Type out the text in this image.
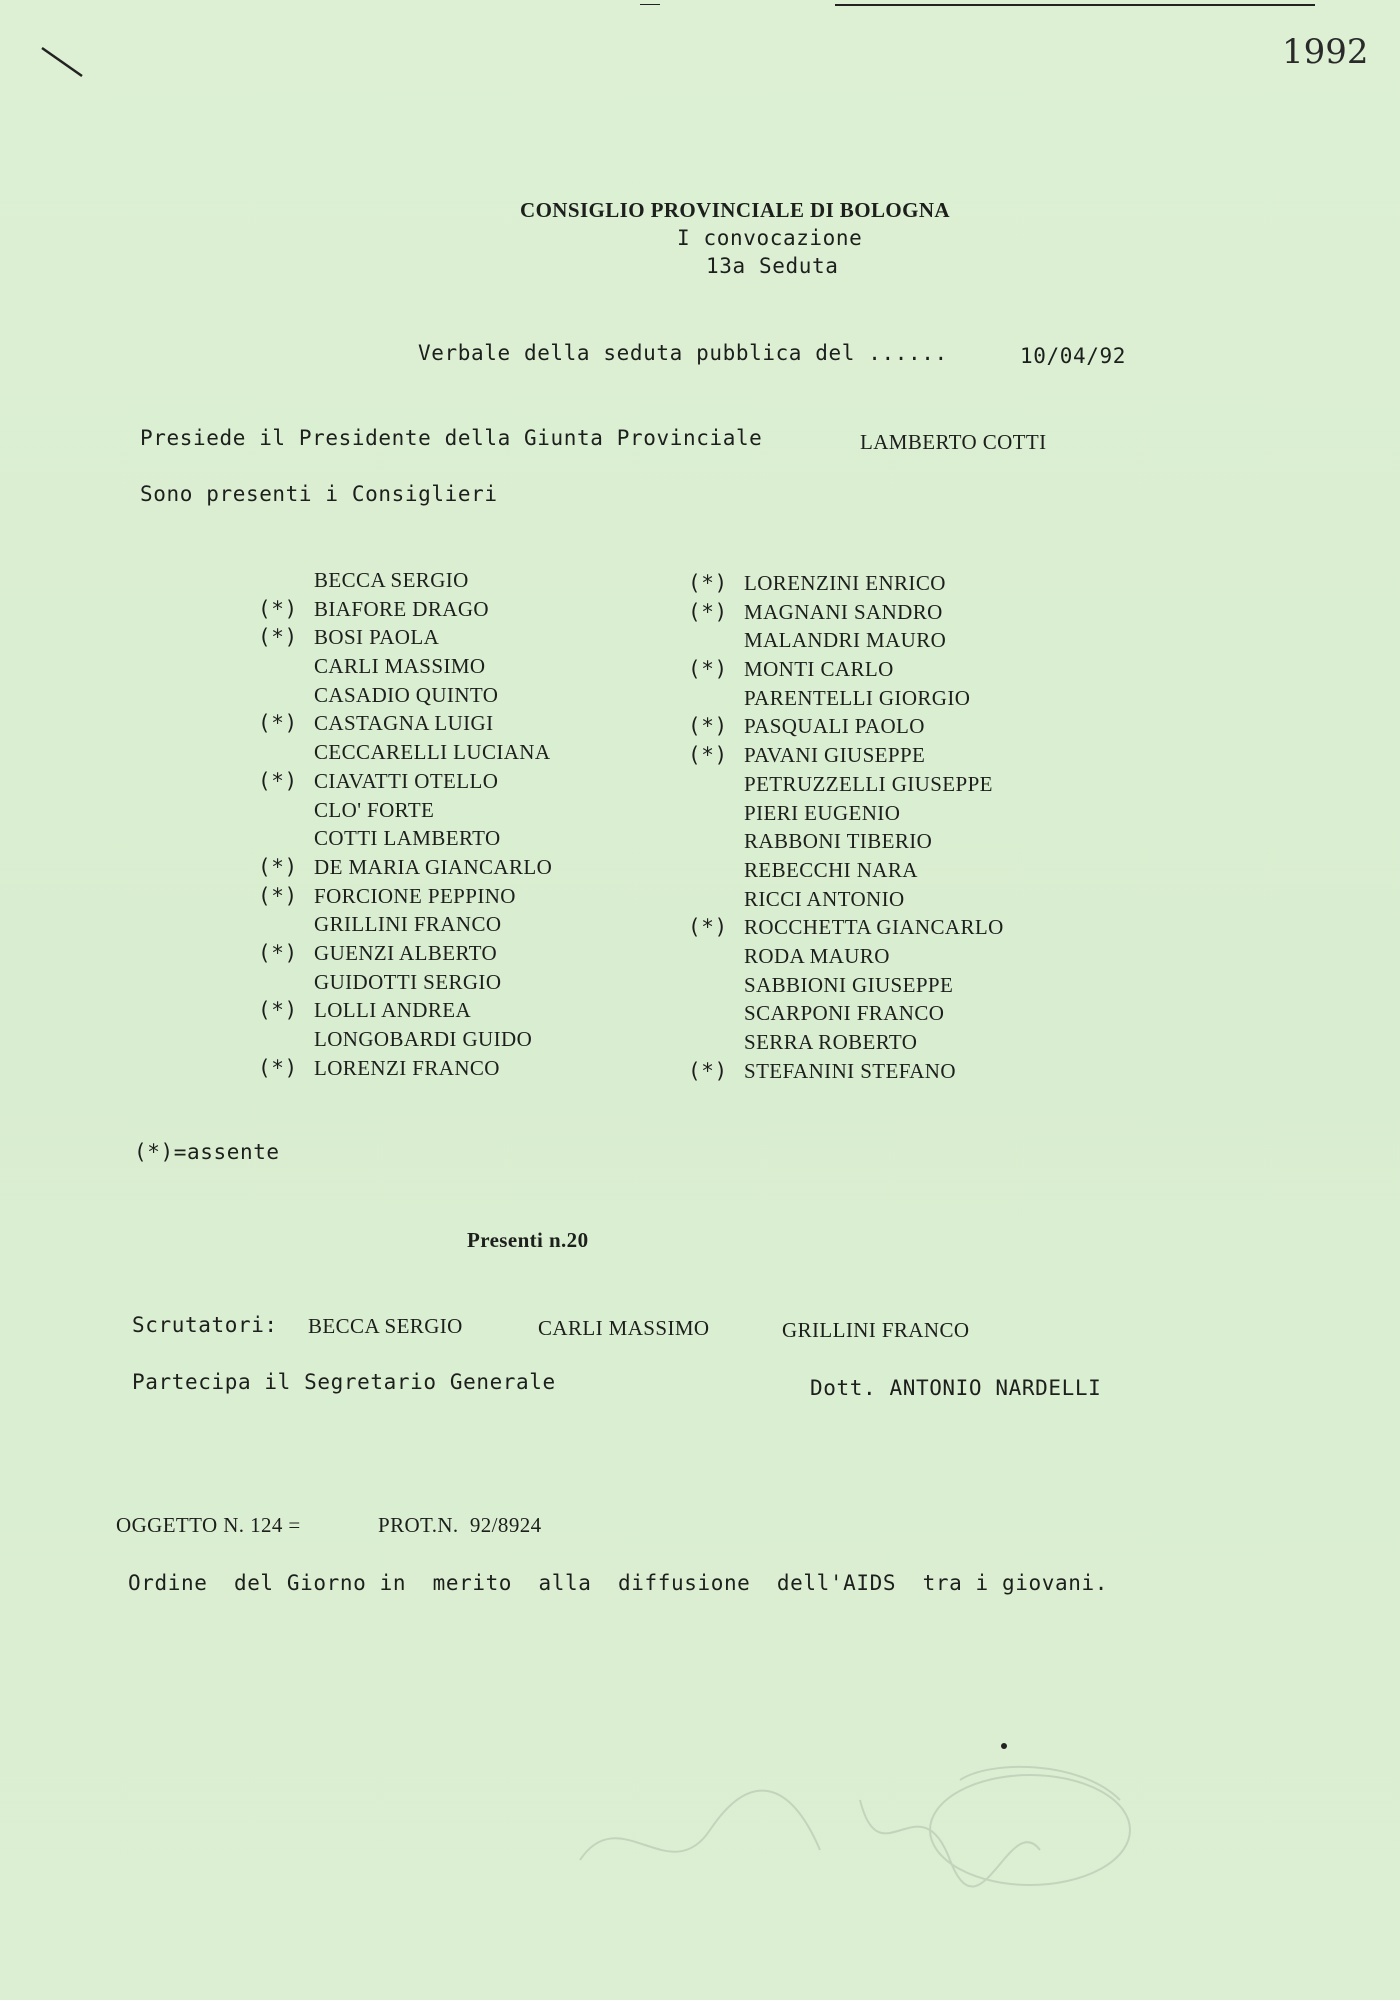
1992
CONSIGLIO PROVINCIALE DI BOLOGNA
I convocazione
13a Seduta
Verbale della seduta pubblica del ......	10/04/92
Presiede il Presidente della Giunta Provinciale	LAMBERTO COTTI
Sono presenti i Consiglieri
BECCA SERGIO
(*) BIAFORE DRAGO
(*) BOSI PAOLA
CARLI MASSIMO
CASADIO QUINTO
(*) CASTAGNA LUIGI
CECCARELLI LUCIANA
(*) CIAVATTI OTELLO
CLO' FORTE
COTTI LAMBERTO
(*) DE MARIA GIANCARLO
(*) FORCIONE PEPPINO
GRILLINI FRANCO
(*) GUENZI ALBERTO
GUIDOTTI SERGIO
(*) LOLLI ANDREA
LONGOBARDI GUIDO
(*) LORENZI FRANCO
(*) LORENZINI ENRICO
(*) MAGNANI SANDRO
MALANDRI MAURO
(*) MONTI CARLO
PARENTELLI GIORGIO
(*) PASQUALI PAOLO
(*) PAVANI GIUSEPPE
PETRUZZELLI GIUSEPPE
PIERI EUGENIO
RABBONI TIBERIO
REBECCHI NARA
RICCI ANTONIO
(*) ROCCHETTA GIANCARLO
RODA MAURO
SABBIONI GIUSEPPE
SCARPONI FRANCO
SERRA ROBERTO
(*) STEFANINI STEFANO
(*)=assente
Presenti n.20
Scrutatori: BECCA SERGIO	CARLI MASSIMO	GRILLINI FRANCO
Partecipa il Segretario Generale	Dott. ANTONIO NARDELLI
OGGETTO N. 124 =	PROT.N.  92/8924
Ordine  del Giorno in  merito  alla  diffusione  dell'AIDS  tra i giovani.
